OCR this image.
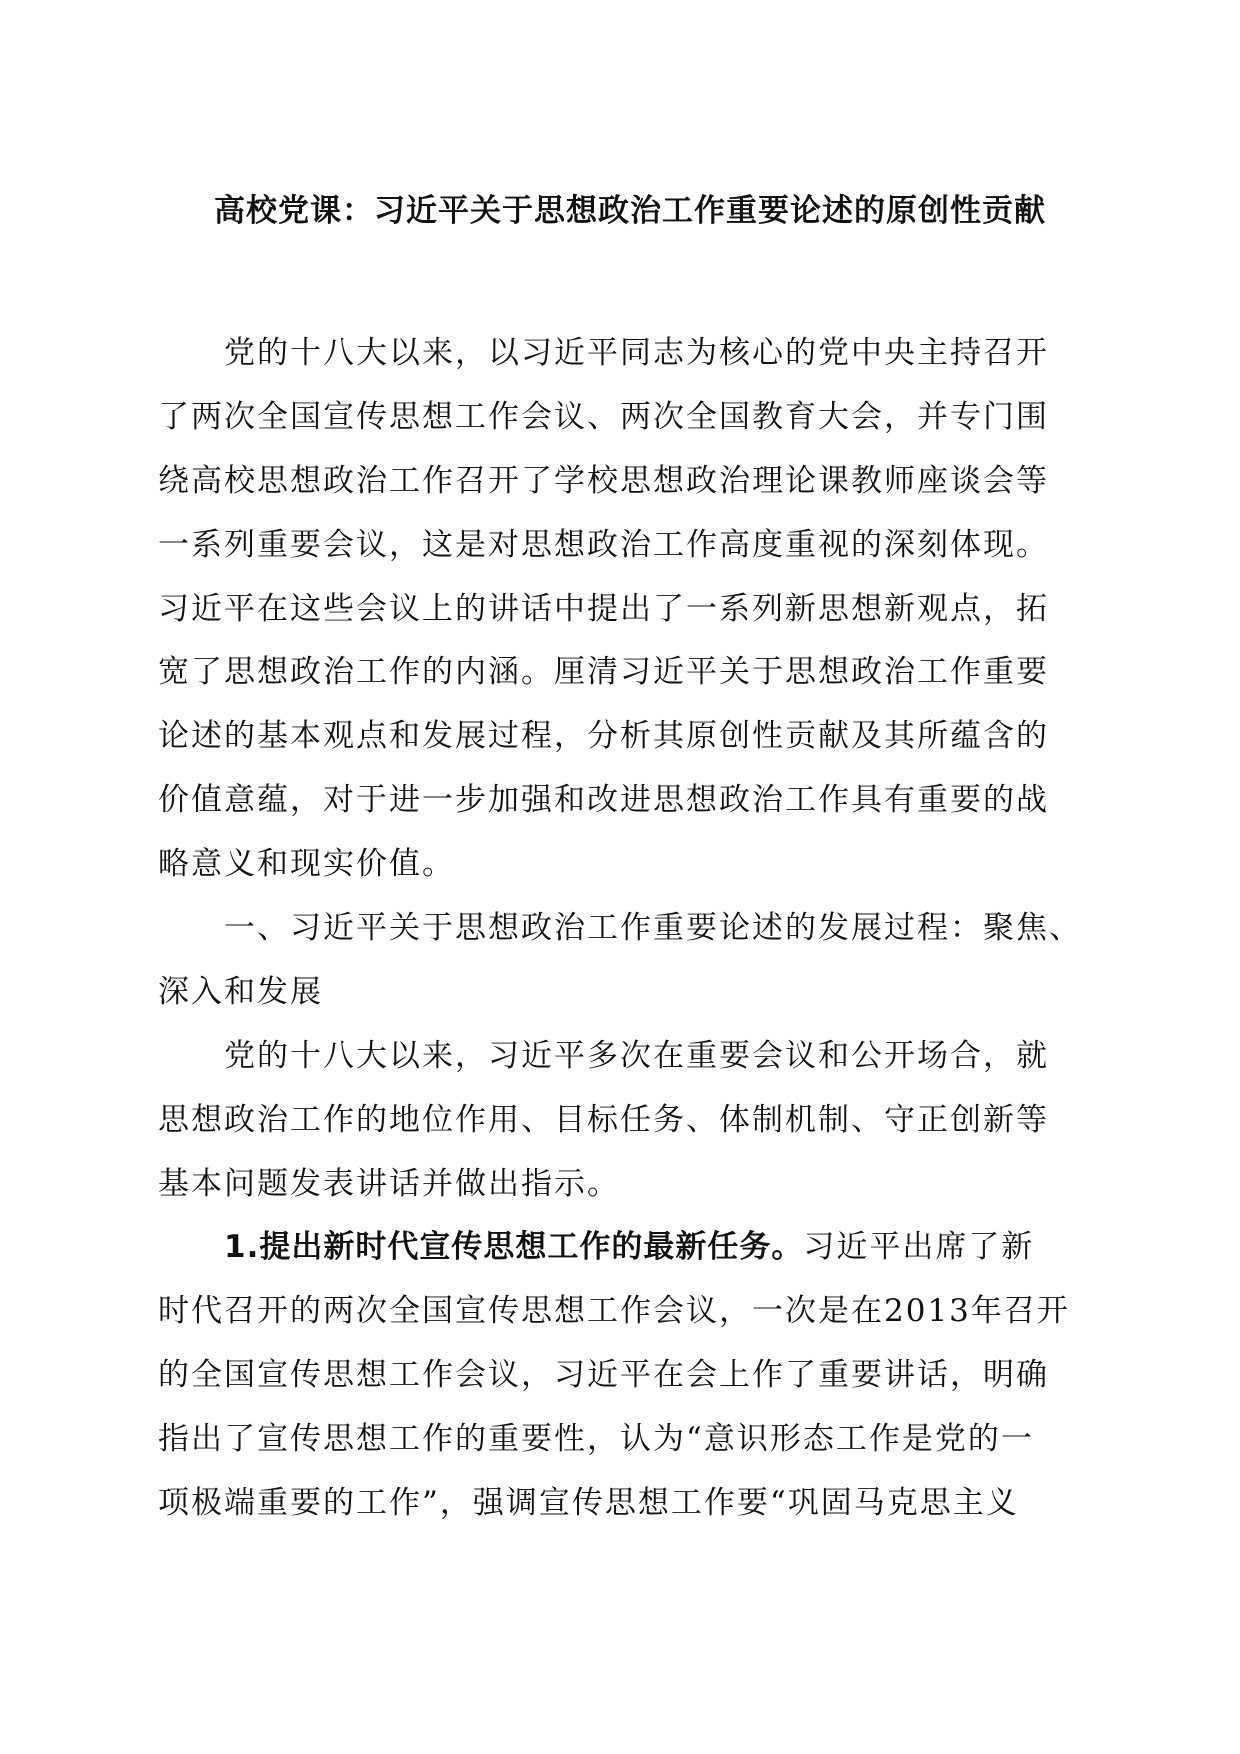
高校党课：习近平关于思想政治工作重要论述的原创性贡献
党的十八大以来，以习近平同志为核心的党中央主持召开
了两次全国宣传思想工作会议、两次全国教育大会，并专门围
绕高校思想政治工作召开了学校思想政治理论课教师座谈会等
一系列重要会议，这是对思想政治工作高度重视的深刻体现。
习近平在这些会议上的讲话中提出了一系列新思想新观点，拓
宽了思想政治工作的内涵。厘清习近平关于思想政治工作重要
论述的基本观点和发展过程，分析其原创性贡献及其所蕴含的
价值意蕴，对于进一步加强和改进思想政治工作具有重要的战
略意义和现实价值。
一、习近平关于思想政治工作重要论述的发展过程：聚焦、
深入和发展
党的十八大以来，习近平多次在重要会议和公开场合，就
思想政治工作的地位作用、目标任务、体制机制、守正创新等
基本问题发表讲话并做出指示。
1.提出新时代宣传思想工作的最新任务。习近平出席了新
时代召开的两次全国宣传思想工作会议，一次是在2013年召开
的全国宣传思想工作会议，习近平在会上作了重要讲话，明确
指出了宣传思想工作的重要性，认为“意识形态工作是党的一
项极端重要的工作”，强调宣传思想工作要“巩固马克思主义
